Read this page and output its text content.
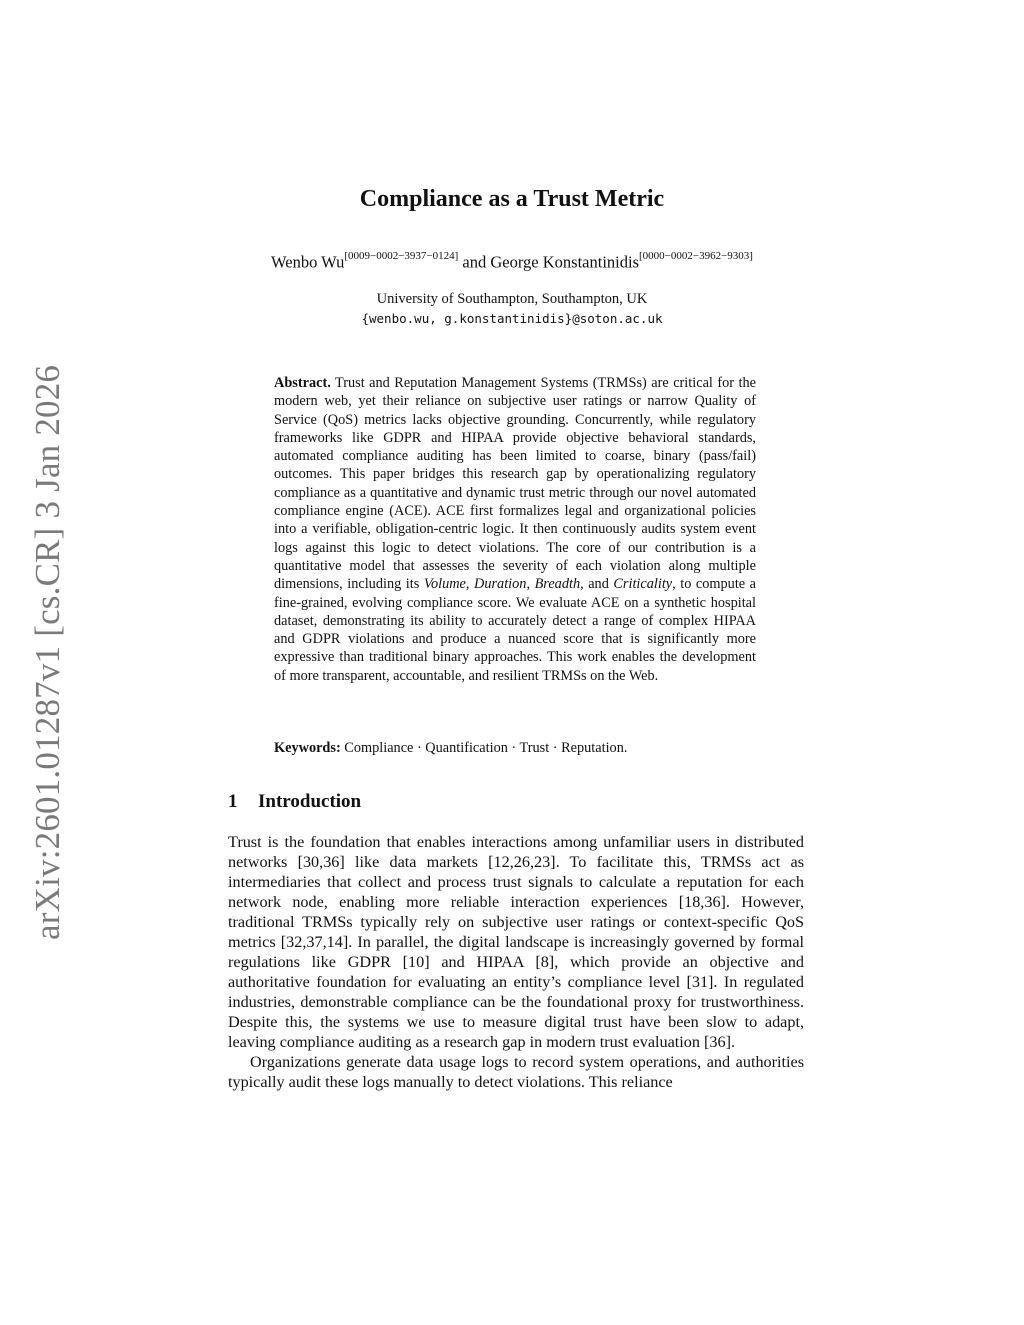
arXiv:2601.01287v1 [cs.CR] 3 Jan 2026
Compliance as a Trust Metric
Wenbo Wu[0009−0002−3937−0124] and George Konstantinidis[0000−0002−3962−9303]
University of Southampton, Southampton, UK
{wenbo.wu, g.konstantinidis}@soton.ac.uk
Abstract. Trust and Reputation Management Systems (TRMSs) are critical for the modern web, yet their reliance on subjective user ratings or narrow Quality of Service (QoS) metrics lacks objective grounding. Concurrently, while regulatory frameworks like GDPR and HIPAA provide objective behavioral standards, automated compliance auditing has been limited to coarse, binary (pass/fail) outcomes. This paper bridges this research gap by operationalizing regulatory compliance as a quantitative and dynamic trust metric through our novel automated compliance engine (ACE). ACE first formalizes legal and organizational policies into a verifiable, obligation-centric logic. It then continuously audits system event logs against this logic to detect violations. The core of our contribution is a quantitative model that assesses the severity of each violation along multiple dimensions, including its Volume, Duration, Breadth, and Criticality, to compute a fine-grained, evolving compliance score. We evaluate ACE on a synthetic hospital dataset, demonstrating its ability to accurately detect a range of complex HIPAA and GDPR violations and produce a nuanced score that is significantly more expressive than traditional binary approaches. This work enables the development of more transparent, accountable, and resilient TRMSs on the Web.
Keywords: Compliance · Quantification · Trust · Reputation.
1 Introduction

Trust is the foundation that enables interactions among unfamiliar users in distributed networks [30,36] like data markets [12,26,23]. To facilitate this, TRMSs act as intermediaries that collect and process trust signals to calculate a reputation for each network node, enabling more reliable interaction experiences [18,36]. However, traditional TRMSs typically rely on subjective user ratings or context-specific QoS metrics [32,37,14]. In parallel, the digital landscape is increasingly governed by formal regulations like GDPR [10] and HIPAA [8], which provide an objective and authoritative foundation for evaluating an entity’s compliance level [31]. In regulated industries, demonstrable compliance can be the foundational proxy for trustworthiness. Despite this, the systems we use to measure digital trust have been slow to adapt, leaving compliance auditing as a research gap in modern trust evaluation [36].

Organizations generate data usage logs to record system operations, and authorities typically audit these logs manually to detect violations. This reliance
